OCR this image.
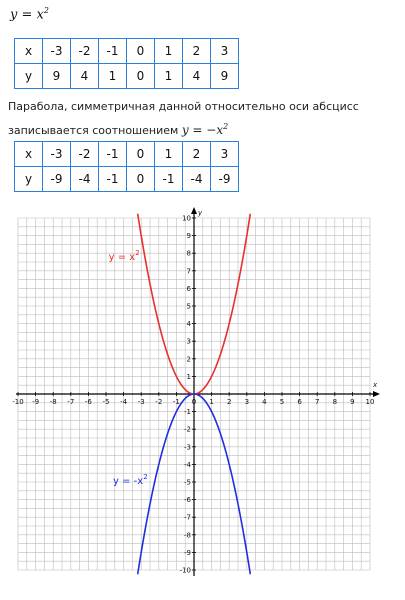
$y = x^2$
x	-3	-2	-1	0	1	2	3
y	9	4	1	0	1	4	9
Парабола, симметричная данной относительно оси абсцисс записывается соотношением $y = -x^2$
x	-3	-2	-1	0	1	2	3
y	-9	-4	-1	0	-1	-4	-9
x
y
-10 -9 -8 -7 -6 -5 -4 -3 -2 -1 0 1 2 3 4 5 6 7 8 9 10
-10
-9
-8
-7
-6
-5
-4
-3
-2
-1
1
2
3
4
5
6
7
8
9
10
$y = x^2$
$y = -x^2$
